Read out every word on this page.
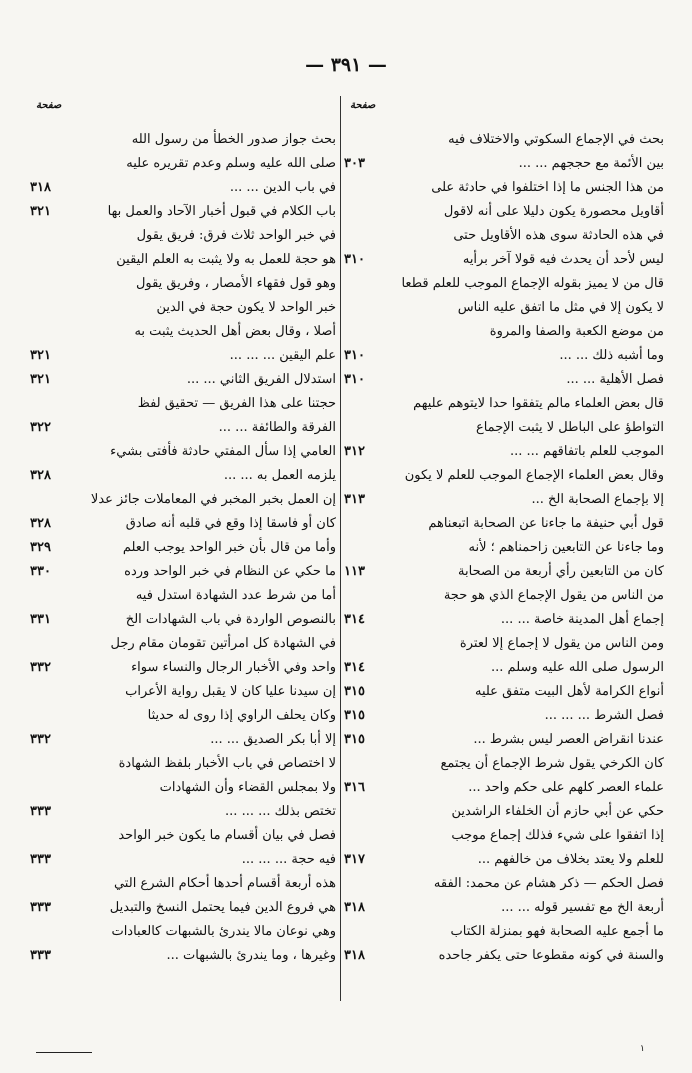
— ٣٩١ —
صفحة	صفحة
بحث في الإجماع السكوتي والاختلاف فيه
بين الأئمة مع حججهم ... ...
٣٠٣
من هذا الجنس ما إذا اختلفوا في حادثة على
أقاويل محصورة يكون دليلا على أنه لاقول
في هذه الحادثة سوى هذه الأقاويل حتى
ليس لأحد أن يحدث فيه قولا آخر برأيه
٣١٠
قال من لا يميز بقوله الإجماع الموجب للعلم قطعا
لا يكون إلا في مثل ما اتفق عليه الناس
من موضع الكعبة والصفا والمروة
وما أشبه ذلك ... ...
٣١٠
فصل الأهلية ... ...
٣١٠
قال بعض العلماء مالم يتفقوا حدا لايتوهم عليهم
التواطؤ على الباطل لا يثبت الإجماع
الموجب للعلم باتفاقهم ... ...
٣١٢
وقال بعض العلماء الإجماع الموجب للعلم لا يكون
إلا بإجماع الصحابة الخ ...
٣١٣
قول أبي حنيفة ما جاءنا عن الصحابة اتبعناهم
وما جاءنا عن التابعين زاحمناهم ؛ لأنه
كان من التابعين رأي أربعة من الصحابة
١١٣
من الناس من يقول الإجماع الذي هو حجة
إجماع أهل المدينة خاصة ... ...
٣١٤
ومن الناس من يقول لا إجماع إلا لعترة
الرسول صلى الله عليه وسلم ...
٣١٤
أنواع الكرامة لأهل البيت متفق عليه
٣١٥
فصل الشرط ... ... ...
٣١٥
عندنا انقراض العصر ليس بشرط ...
٣١٥
كان الكرخي يقول شرط الإجماع أن يجتمع
علماء العصر كلهم على حكم واحد ...
٣١٦
حكي عن أبي حازم أن الخلفاء الراشدين
إذا اتفقوا على شيء فذلك إجماع موجب
للعلم ولا يعتد بخلاف من خالفهم ...
٣١٧
فصل الحكم — ذكر هشام عن محمد: الفقه
أربعة الخ مع تفسير قوله ... ...
٣١٨
ما أجمع عليه الصحابة فهو بمنزلة الكتاب
والسنة في كونه مقطوعا حتى يكفر جاحده
٣١٨
بحث جواز صدور الخطأ من رسول الله
صلى الله عليه وسلم وعدم تقريره عليه
في باب الدين ... ...
٣١٨
باب الكلام في قبول أخبار الآحاد والعمل بها
٣٢١
في خبر الواحد ثلاث فرق: فريق يقول
هو حجة للعمل به ولا يثبت به العلم اليقين
وهو قول فقهاء الأمصار ، وفريق يقول
خبر الواحد لا يكون حجة في الدين
أصلا ، وقال بعض أهل الحديث يثبت به
علم اليقين ... ... ...
٣٢١
استدلال الفريق الثاني ... ...
٣٢١
حجتنا على هذا الفريق — تحقيق لفظ
الفرقة والطائفة ... ...
٣٢٢
العامي إذا سأل المفتي حادثة فأفتى بشيء
يلزمه العمل به ... ...
٣٢٨
إن العمل بخبر المخبر في المعاملات جائز عدلا
كان أو فاسقا إذا وقع في قلبه أنه صادق
٣٢٨
وأما من قال بأن خبر الواحد يوجب العلم
٣٢٩
ما حكي عن النظام في خبر الواحد ورده
٣٣٠
أما من شرط عدد الشهادة استدل فيه
بالنصوص الواردة في باب الشهادات الخ
٣٣١
في الشهادة كل امرأتين تقومان مقام رجل
واحد وفي الأخبار الرجال والنساء سواء
٣٣٢
إن سيدنا عليا كان لا يقبل رواية الأعراب
وكان يحلف الراوي إذا روى له حديثا
إلا أبا بكر الصديق ... ...
٣٣٢
لا اختصاص في باب الأخبار بلفظ الشهادة
ولا بمجلس القضاء وأن الشهادات
تختص بذلك ... ... ...
٣٣٣
فصل في بيان أقسام ما يكون خبر الواحد
فيه حجة ... ... ...
٣٣٣
هذه أربعة أقسام أحدها أحكام الشرع التي
هي فروع الدين فيما يحتمل النسخ والتبديل
٣٣٣
وهي نوعان مالا يندرئ بالشبهات كالعبادات
وغيرها ، وما يندرئ بالشبهات ...
٣٣٣
١
